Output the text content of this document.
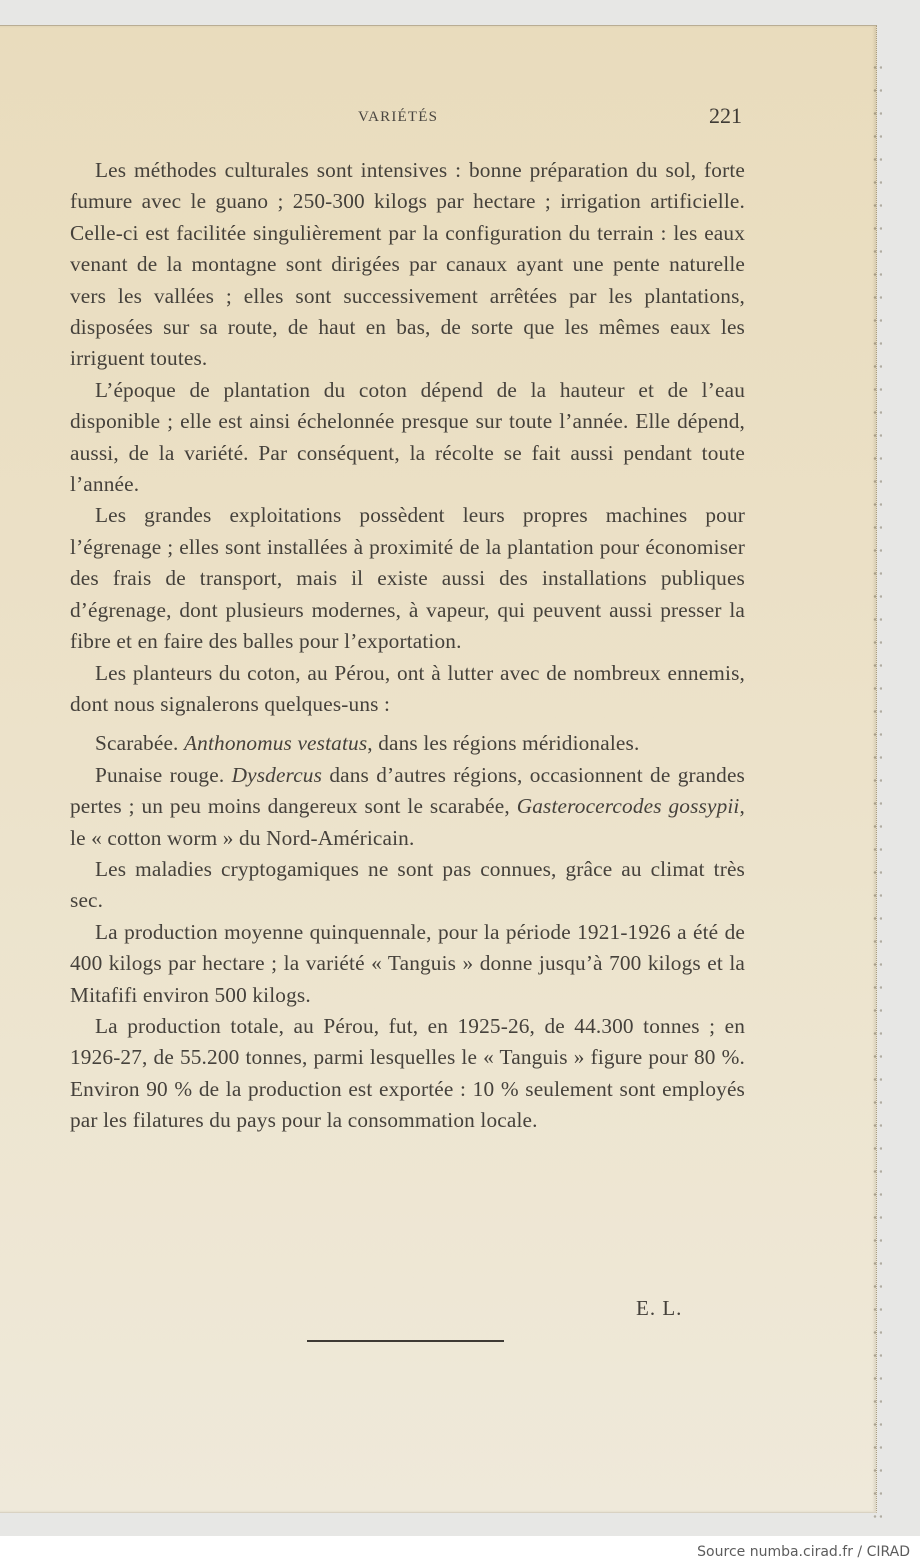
VARIÉTÉS	221

Les méthodes culturales sont intensives : bonne préparation du sol, forte fumure avec le guano ; 250-300 kilogs par hectare ; irrigation artificielle. Celle-ci est facilitée singulièrement par la configuration du terrain : les eaux venant de la montagne sont dirigées par canaux ayant une pente naturelle vers les vallées ; elles sont successivement arrêtées par les plantations, disposées sur sa route, de haut en bas, de sorte que les mêmes eaux les irriguent toutes.

L’époque de plantation du coton dépend de la hauteur et de l’eau disponible ; elle est ainsi échelonnée presque sur toute l’année. Elle dépend, aussi, de la variété. Par conséquent, la récolte se fait aussi pendant toute l’année.

Les grandes exploitations possèdent leurs propres machines pour l’égrenage ; elles sont installées à proximité de la plantation pour économiser des frais de transport, mais il existe aussi des installations publiques d’égrenage, dont plusieurs modernes, à vapeur, qui peuvent aussi presser la fibre et en faire des balles pour l’exportation.

Les planteurs du coton, au Pérou, ont à lutter avec de nombreux ennemis, dont nous signalerons quelques-uns :

Scarabée. Anthonomus vestatus, dans les régions méridionales.

Punaise rouge. Dysdercus dans d’autres régions, occasionnent de grandes pertes ; un peu moins dangereux sont le scarabée, Gasterocercodes gossypii, le « cotton worm » du Nord-Américain.

Les maladies cryptogamiques ne sont pas connues, grâce au climat très sec.

La production moyenne quinquennale, pour la période 1921-1926 a été de 400 kilogs par hectare ; la variété « Tanguis » donne jusqu’à 700 kilogs et la Mitafifi environ 500 kilogs.

La production totale, au Pérou, fut, en 1925-26, de 44.300 tonnes ; en 1926-27, de 55.200 tonnes, parmi lesquelles le « Tanguis » figure pour 80 %. Environ 90 % de la production est exportée : 10 % seulement sont employés par les filatures du pays pour la consommation locale.

E. L.
Source numba.cirad.fr / CIRAD
